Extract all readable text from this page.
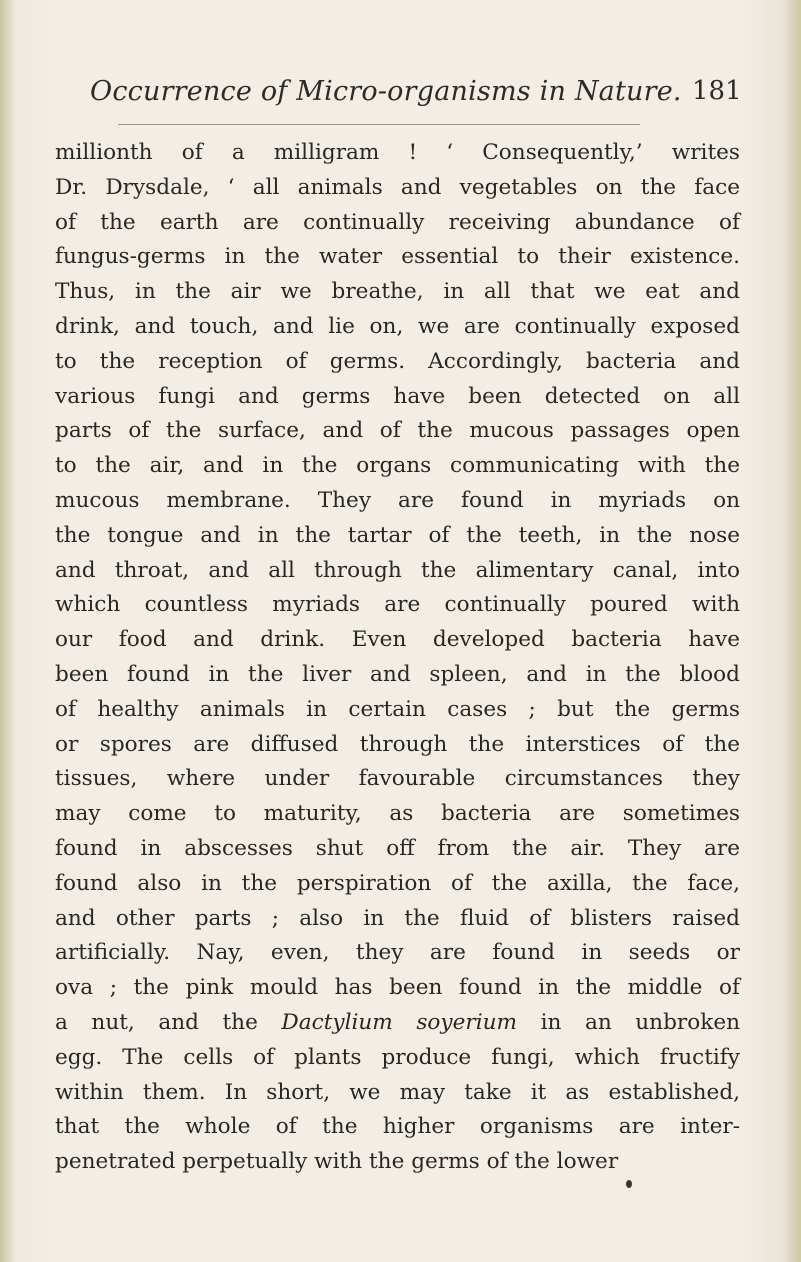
Occurrence of Micro-organisms in Nature. 181
millionth of a milligram ! ‘ Consequently,’ writes
Dr. Drysdale, ‘ all animals and vegetables on the face
of the earth are continually receiving abundance of
fungus-germs in the water essential to their existence.
Thus, in the air we breathe, in all that we eat and
drink, and touch, and lie on, we are continually exposed
to the reception of germs. Accordingly, bacteria and
various fungi and germs have been detected on all
parts of the surface, and of the mucous passages open
to the air, and in the organs communicating with the
mucous membrane. They are found in myriads on
the tongue and in the tartar of the teeth, in the nose
and throat, and all through the alimentary canal, into
which countless myriads are continually poured with
our food and drink. Even developed bacteria have
been found in the liver and spleen, and in the blood
of healthy animals in certain cases ; but the germs
or spores are diffused through the interstices of the
tissues, where under favourable circumstances they
may come to maturity, as bacteria are sometimes
found in abscesses shut off from the air. They are
found also in the perspiration of the axilla, the face,
and other parts ; also in the fluid of blisters raised
artificially. Nay, even, they are found in seeds or
ova ; the pink mould has been found in the middle of
a nut, and the Dactylium soyerium in an unbroken
egg. The cells of plants produce fungi, which fructify
within them. In short, we may take it as established,
that the whole of the higher organisms are inter-
penetrated perpetually with the germs of the lower
